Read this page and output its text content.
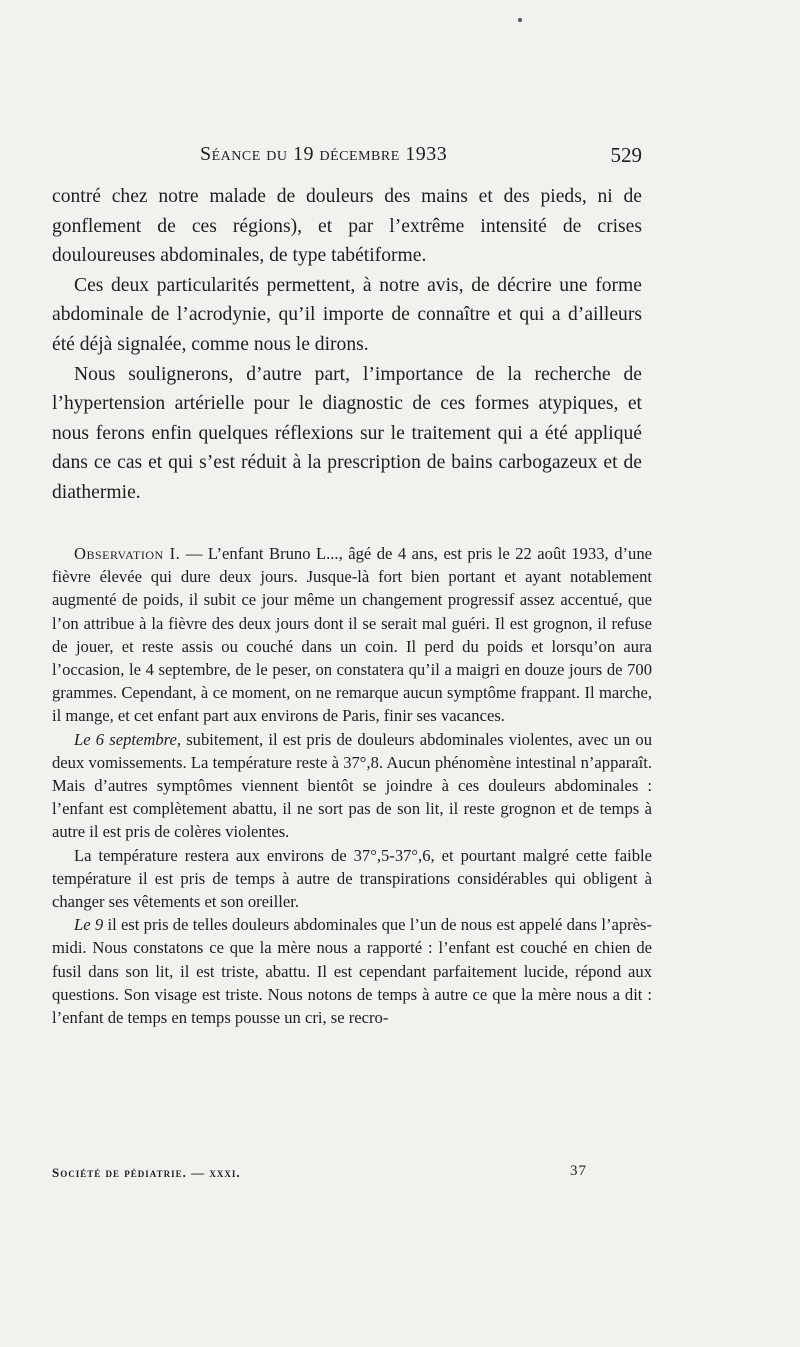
Séance du 19 décembre 1933	529

contré chez notre malade de douleurs des mains et des pieds, ni de gonflement de ces régions), et par l’extrême intensité de crises douloureuses abdominales, de type tabétiforme.

Ces deux particularités permettent, à notre avis, de décrire une forme abdominale de l’acrodynie, qu’il importe de connaître et qui a d’ailleurs été déjà signalée, comme nous le dirons.

Nous soulignerons, d’autre part, l’importance de la recherche de l’hypertension artérielle pour le diagnostic de ces formes atypiques, et nous ferons enfin quelques réflexions sur le traitement qui a été appliqué dans ce cas et qui s’est réduit à la prescription de bains carbogazeux et de diathermie.

Observation I. — L’enfant Bruno L..., âgé de 4 ans, est pris le 22 août 1933, d’une fièvre élevée qui dure deux jours. Jusque-là fort bien portant et ayant notablement augmenté de poids, il subit ce jour même un changement progressif assez accentué, que l’on attribue à la fièvre des deux jours dont il se serait mal guéri. Il est grognon, il refuse de jouer, et reste assis ou couché dans un coin. Il perd du poids et lorsqu’on aura l’occasion, le 4 septembre, de le peser, on constatera qu’il a maigri en douze jours de 700 grammes. Cependant, à ce moment, on ne remarque aucun symptôme frappant. Il marche, il mange, et cet enfant part aux environs de Paris, finir ses vacances.

Le 6 septembre, subitement, il est pris de douleurs abdominales violentes, avec un ou deux vomissements. La température reste à 37°,8. Aucun phénomène intestinal n’apparaît. Mais d’autres symptômes viennent bientôt se joindre à ces douleurs abdominales : l’enfant est complètement abattu, il ne sort pas de son lit, il reste grognon et de temps à autre il est pris de colères violentes.

La température restera aux environs de 37°,5-37°,6, et pourtant malgré cette faible température il est pris de temps à autre de transpirations considérables qui obligent à changer ses vêtements et son oreiller.

Le 9 il est pris de telles douleurs abdominales que l’un de nous est appelé dans l’après-midi. Nous constatons ce que la mère nous a rapporté : l’enfant est couché en chien de fusil dans son lit, il est triste, abattu. Il est cependant parfaitement lucide, répond aux questions. Son visage est triste. Nous notons de temps à autre ce que la mère nous a dit : l’enfant de temps en temps pousse un cri, se recro-

Société de pédiatrie. — xxxi.	37
